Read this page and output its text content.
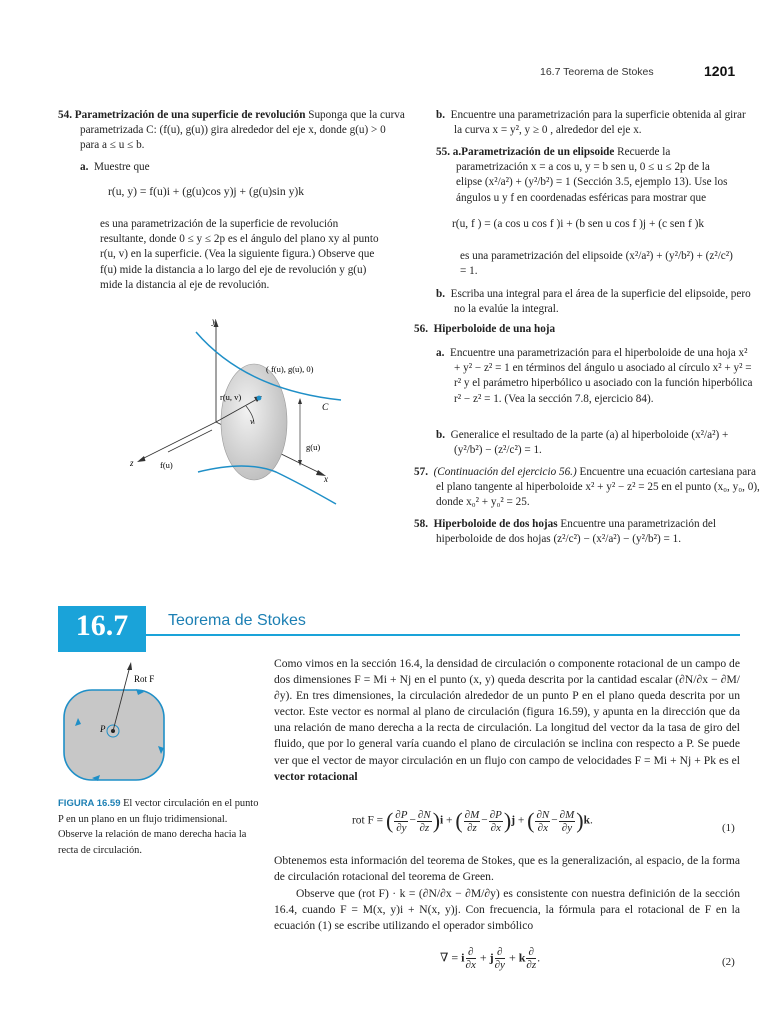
16.7 Teorema de Stokes	1201
54. Parametrización de una superficie de revolución Suponga que la curva parametrizada C: (f(u), g(u)) gira alrededor del eje x, donde g(u) > 0 para a ≤ u ≤ b.
a. Muestre que
r(u, y) = f(u)i + (g(u)cos y)j + (g(u)sin y)k
es una parametrización de la superficie de revolución resultante, donde 0 ≤ y ≤ 2p es el ángulo del plano xy al punto r(u, v) en la superficie. (Vea la siguiente figura.) Observe que f(u) mide la distancia a lo largo del eje de revolución y g(u) mide la distancia al eje de revolución.
y
z
x
C
r(u, v)
v
( f(u), g(u), 0)
g(u)
f(u)
b. Encuentre una parametrización para la superficie obtenida al girar la curva x = y², y ≥ 0 , alrededor del eje x.
55. a.Parametrización de un elipsoide Recuerde la parametrización x = a cos u, y = b sen u, 0 ≤ u ≤ 2p de la elipse (x²/a²) + (y²/b²) = 1 (Sección 3.5, ejemplo 13). Use los ángulos u y f en coordenadas esféricas para mostrar que
r(u, f ) = (a cos u cos f )i + (b sen u cos f )j + (c sen f )k
es una parametrización del elipsoide (x²/a²) + (y²/b²) + (z²/c²) = 1.
b. Escriba una integral para el área de la superficie del elipsoide, pero no la evalúe la integral.
56. Hiperboloide de una hoja
a. Encuentre una parametrización para el hiperboloide de una hoja x² + y² − z² = 1 en términos del ángulo u asociado al círculo x² + y² = r² y el parámetro hiperbólico u asociado con la función hiperbólica r² − z² = 1. (Vea la sección 7.8, ejercicio 84).
b. Generalice el resultado de la parte (a) al hiperboloide (x²/a²) + (y²/b²) − (z²/c²) = 1.
57. (Continuación del ejercicio 56.) Encuentre una ecuación cartesiana para el plano tangente al hiperboloide x² + y² − z² = 25 en el punto (x₀, y₀, 0), donde x₀² + y₀² = 25.
58. Hiperboloide de dos hojas Encuentre una parametrización del hiperboloide de dos hojas (z²/c²) − (x²/a²) − (y²/b²) = 1.
16.7	Teorema de Stokes
Rot F
P
FIGURA 16.59 El vector circulación en el punto P en un plano en un flujo tridimensional. Observe la relación de mano derecha hacia la recta de circulación.
Como vimos en la sección 16.4, la densidad de circulación o componente rotacional de un campo de dos dimensiones F = Mi + Nj en el punto (x, y) queda descrita por la cantidad escalar (∂N/∂x − ∂M/∂y). En tres dimensiones, la circulación alrededor de un punto P en el plano queda descrita por un vector. Este vector es normal al plano de circulación (figura 16.59), y apunta en la dirección que da una relación de mano derecha a la recta de circulación. La longitud del vector da la tasa de giro del fluido, que por lo general varía cuando el plano de circulación se inclina con respecto a P. Se puede ver que el vector de mayor circulación en un flujo con campo de velocidades F = Mi + Nj + Pk es el vector rotacional
rot F = ( $\frac{\partial P}{\partial y} - \frac{\partial N}{\partial z} )i$ + ( $\frac{\partial M}{\partial z} - \frac{\partial P}{\partial x} )j$ + ( $\frac{\partial N}{\partial x} - \frac{\partial M}{\partial y} )k$.
(1)
Obtenemos esta información del teorema de Stokes, que es la generalización, al espacio, de la forma de circulación rotacional del teorema de Green.
Observe que (rot F) · k = (∂N/∂x − ∂M/∂y) es consistente con nuestra definición de la sección 16.4, cuando F = M(x, y)i + N(x, y)j. Con frecuencia, la fórmula para el rotacional de F en la ecuación (1) se escribe utilizando el operador simbólico
∇ = i $\frac{\partial}{\partial x} + j \frac{\partial}{\partial y} + k \frac{\partial}{\partial z}$ .	(2)
